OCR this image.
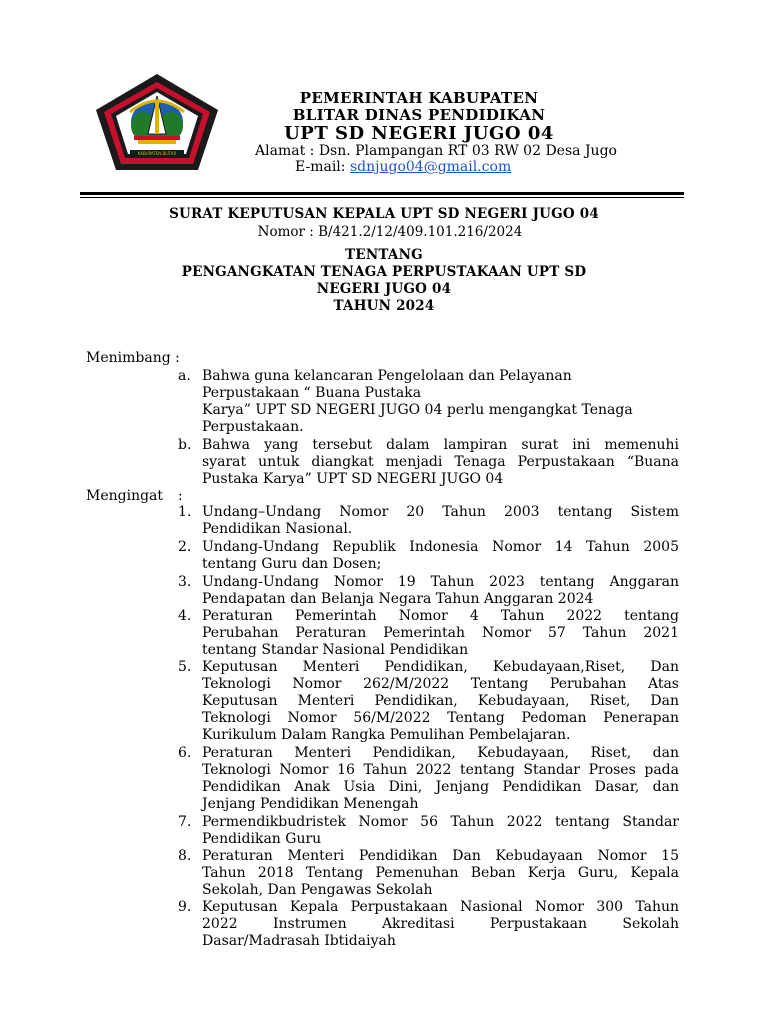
KABUPATEN BLITAR
PEMERINTAH KABUPATEN
BLITAR DINAS PENDIDIKAN
UPT SD NEGERI JUGO 04
Alamat : Dsn. Plampangan RT 03 RW 02 Desa Jugo
E-mail: sdnjugo04@gmail.com
SURAT KEPUTUSAN KEPALA UPT SD NEGERI JUGO 04
Nomor : B/421.2/12/409.101.216/2024
TENTANG
PENGANGKATAN TENAGA PERPUSTAKAAN UPT SD
NEGERI JUGO 04
TAHUN 2024
Menimbang :
a. Bahwa guna kelancaran Pengelolaan dan Pelayanan
Perpustakaan “ Buana Pustaka
Karya” UPT SD NEGERI JUGO 04 perlu mengangkat Tenaga
Perpustakaan.
b. Bahwa yang tersebut dalam lampiran surat ini memenuhi
syarat untuk diangkat menjadi Tenaga Perpustakaan “Buana
Pustaka Karya” UPT SD NEGERI JUGO 04
Mengingat :
1. Undang–Undang Nomor 20 Tahun 2003 tentang Sistem
Pendidikan Nasional.
2. Undang-Undang Republik Indonesia Nomor 14 Tahun 2005
tentang Guru dan Dosen;
3. Undang-Undang Nomor 19 Tahun 2023 tentang Anggaran
Pendapatan dan Belanja Negara Tahun Anggaran 2024
4. Peraturan Pemerintah Nomor 4 Tahun 2022 tentang
Perubahan Peraturan Pemerintah Nomor 57 Tahun 2021
tentang Standar Nasional Pendidikan
5. Keputusan Menteri Pendidikan, Kebudayaan,Riset, Dan
Teknologi Nomor 262/M/2022 Tentang Perubahan Atas
Keputusan Menteri Pendidikan, Kebudayaan, Riset, Dan
Teknologi Nomor 56/M/2022 Tentang Pedoman Penerapan
Kurikulum Dalam Rangka Pemulihan Pembelajaran.
6. Peraturan Menteri Pendidikan, Kebudayaan, Riset, dan
Teknologi Nomor 16 Tahun 2022 tentang Standar Proses pada
Pendidikan Anak Usia Dini, Jenjang Pendidikan Dasar, dan
Jenjang Pendidikan Menengah
7. Permendikbudristek Nomor 56 Tahun 2022 tentang Standar
Pendidikan Guru
8. Peraturan Menteri Pendidikan Dan Kebudayaan Nomor 15
Tahun 2018 Tentang Pemenuhan Beban Kerja Guru, Kepala
Sekolah, Dan Pengawas Sekolah
9. Keputusan Kepala Perpustakaan Nasional Nomor 300 Tahun
2022 Instrumen Akreditasi Perpustakaan Sekolah
Dasar/Madrasah Ibtidaiyah
